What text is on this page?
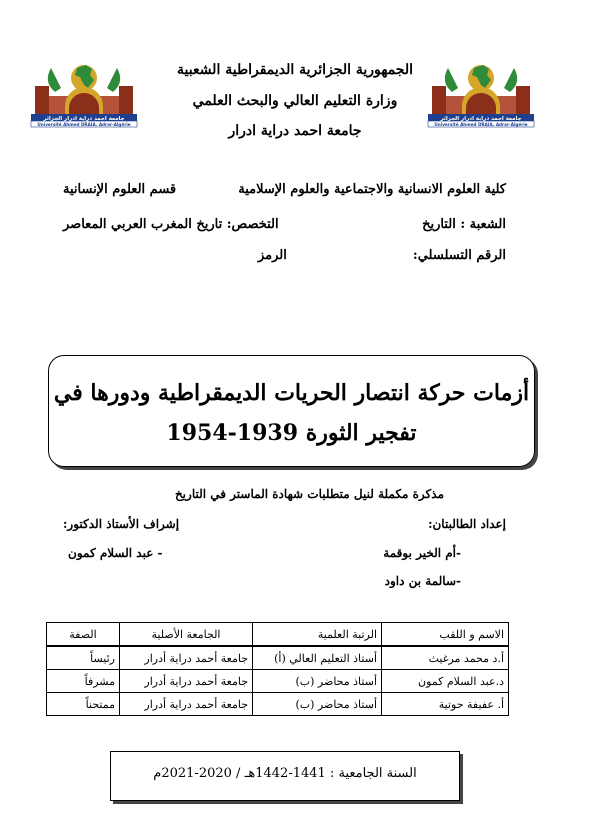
جامعة احمد دراية ادرار الجزائر
Université Ahmed DRAIA. Adrar-Algérie
جامعة احمد دراية ادرار الجزائر
Université Ahmed DRAIA. Adrar-Algérie
الجمهورية الجزائرية الديمقراطية الشعبية
وزارة التعليم العالي والبحث العلمي
جامعة احمد دراية ادرار
كلية العلوم الانسانية والاجتماعية والعلوم الإسلامية
قسم العلوم الإنسانية
الشعبة : التاريخ
التخصص: تاريخ المغرب العربي المعاصر
الرقم التسلسلي:
الرمز
أزمات حركة انتصار الحريات الديمقراطية ودورها في
تفجير الثورة 1939-1954
مذكرة مكملة لنيل متطلبات شهادة الماستر في التاريخ
إعداد الطالبتان:
-أم الخير بوقمة
-سالمة بن داود
إشراف الأستاذ الدكتور:
- عبد السلام كمون
الاسم و اللقب	الرتبة العلمية	الجامعة الأصلية	الصفة
أ.د محمد مرغيث	أستاذ التعليم العالي (أ)	جامعة أحمد دراية أدرار	رئيساً
د.عبد السلام كمون	أستاذ محاضر (ب)	جامعة أحمد دراية أدرار	مشرفاً
أ. عفيفة حوتية	أستاذ محاضر (ب)	جامعة أحمد دراية أدرار	ممتحناً
السنة الجامعية : 1441-1442هـ / 2020-2021م
